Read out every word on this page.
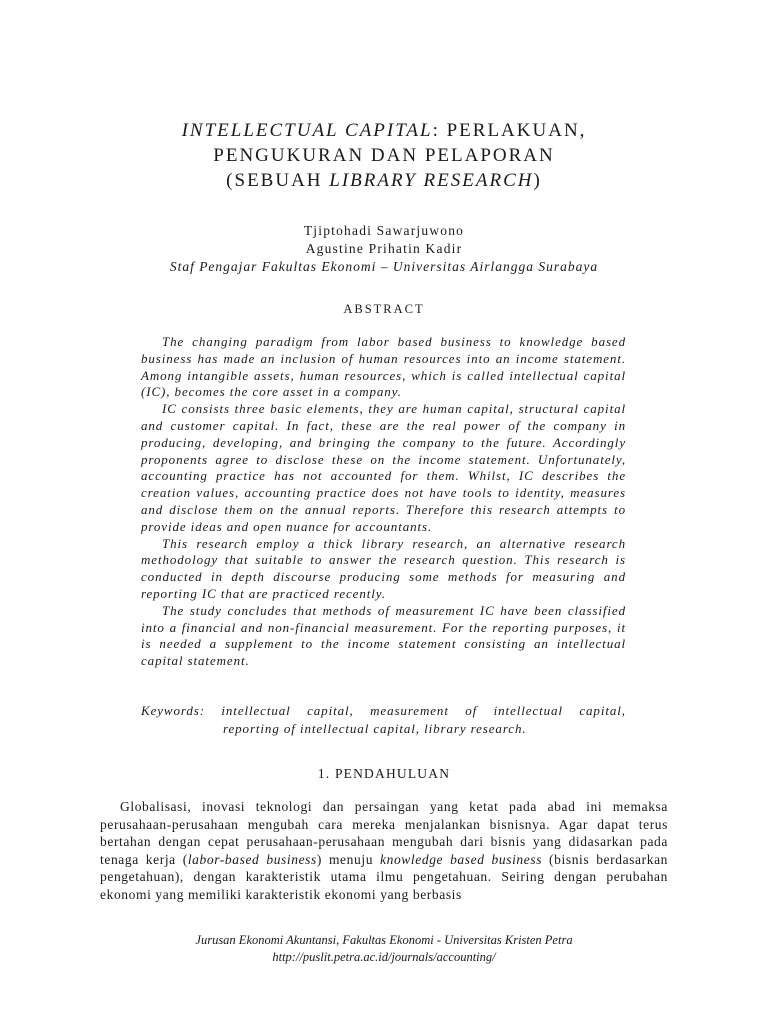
INTELLECTUAL CAPITAL: PERLAKUAN,
PENGUKURAN DAN PELAPORAN
(SEBUAH LIBRARY RESEARCH)
Tjiptohadi Sawarjuwono
Agustine Prihatin Kadir
Staf Pengajar Fakultas Ekonomi – Universitas Airlangga Surabaya
ABSTRACT

The changing paradigm from labor based business to knowledge based business has made an inclusion of human resources into an income statement. Among intangible assets, human resources, which is called intellectual capital (IC), becomes the core asset in a company.

IC consists three basic elements, they are human capital, structural capital and customer capital. In fact, these are the real power of the company in producing, developing, and bringing the company to the future. Accordingly proponents agree to disclose these on the income statement. Unfortunately, accounting practice has not accounted for them. Whilst, IC describes the creation values, accounting practice does not have tools to identity, measures and disclose them on the annual reports. Therefore this research attempts to provide ideas and open nuance for accountants.

This research employ a thick library research, an alternative research methodology that suitable to answer the research question. This research is conducted in depth discourse producing some methods for measuring and reporting IC that are practiced recently.

The study concludes that methods of measurement IC have been classified into a financial and non-financial measurement. For the reporting purposes, it is needed a supplement to the income statement consisting an intellectual capital statement.

Keywords: intellectual capital, measurement of intellectual capital,
reporting of intellectual capital, library research.
1. PENDAHULUAN

Globalisasi, inovasi teknologi dan persaingan yang ketat pada abad ini memaksa perusahaan-perusahaan mengubah cara mereka menjalankan bisnisnya. Agar dapat terus bertahan dengan cepat perusahaan-perusahaan mengubah dari bisnis yang didasarkan pada tenaga kerja (labor-based business) menuju knowledge based business (bisnis berdasarkan pengetahuan), dengan karakteristik utama ilmu pengetahuan. Seiring dengan perubahan ekonomi yang memiliki karakteristik ekonomi yang berbasis

Jurusan Ekonomi Akuntansi, Fakultas Ekonomi - Universitas Kristen Petra
http://puslit.petra.ac.id/journals/accounting/
